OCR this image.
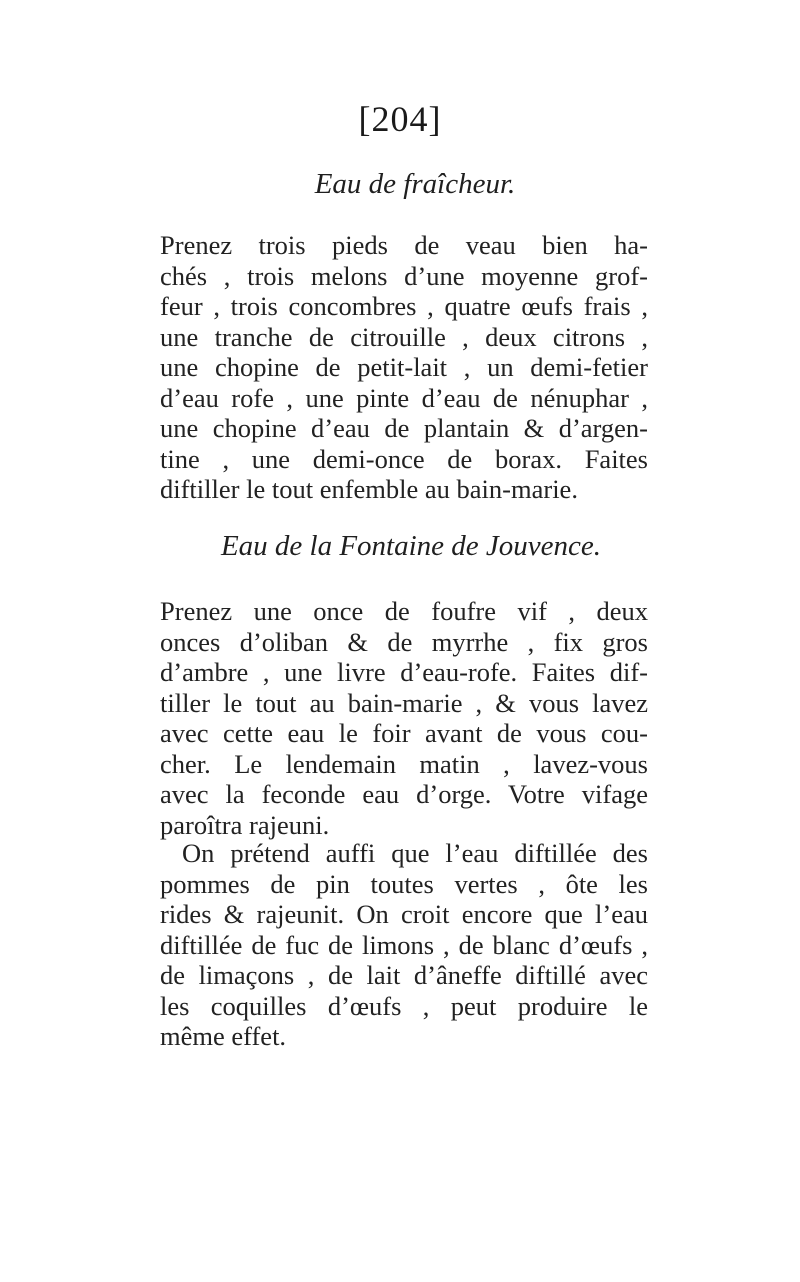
[204]
Eau de fraîcheur.
Prenez trois pieds de veau bien ha-
chés , trois melons d’une moyenne grof-
feur , trois concombres , quatre œufs frais ,
une tranche de citrouille , deux citrons ,
une chopine de petit-lait , un demi-fetier
d’eau rofe , une pinte d’eau de nénuphar ,
une chopine d’eau de plantain & d’argen-
tine , une demi-once de borax. Faites
diftiller le tout enfemble au bain-marie.
Eau de la Fontaine de Jouvence.
Prenez une once de foufre vif , deux
onces d’oliban & de myrrhe , fix gros
d’ambre , une livre d’eau-rofe. Faites dif-
tiller le tout au bain-marie , & vous lavez
avec cette eau le foir avant de vous cou-
cher. Le lendemain matin , lavez-vous
avec la feconde eau d’orge. Votre vifage
paroîtra rajeuni.
On prétend auffi que l’eau diftillée des
pommes de pin toutes vertes , ôte les
rides & rajeunit. On croit encore que l’eau
diftillée de fuc de limons , de blanc d’œufs ,
de limaçons , de lait d’âneffe diftillé avec
les coquilles d’œufs , peut produire le
même effet.
